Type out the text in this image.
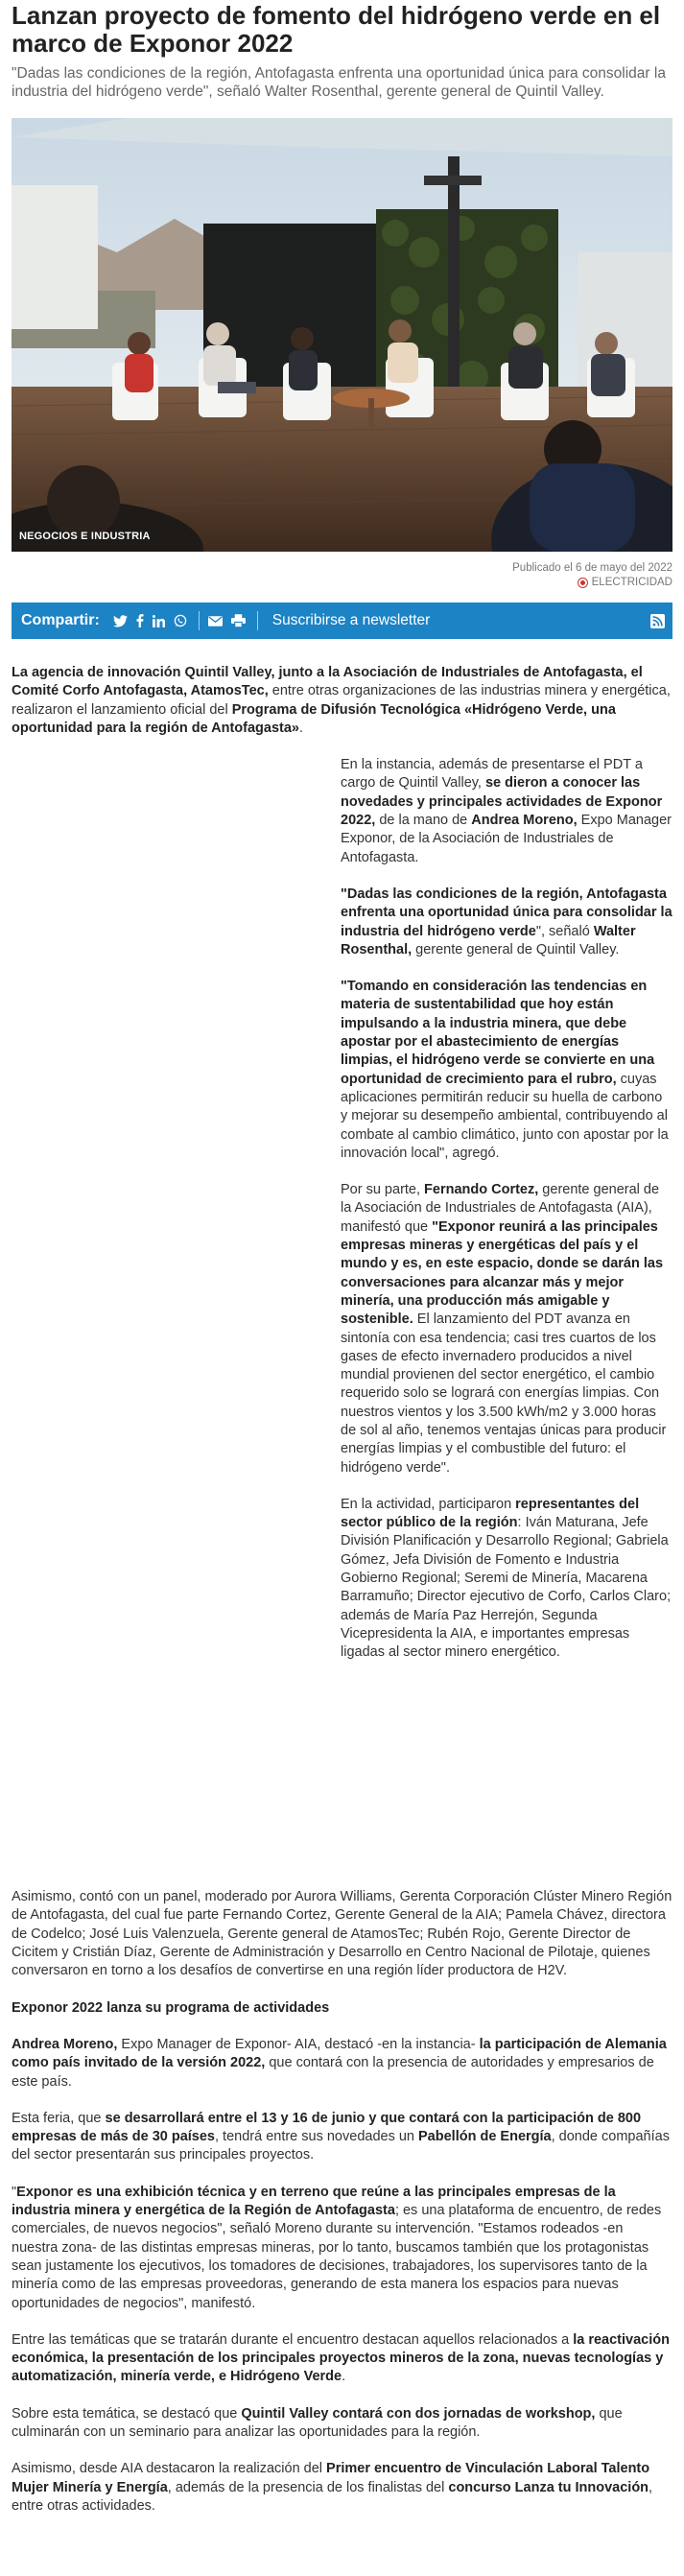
Lanzan proyecto de fomento del hidrógeno verde en el marco de Exponor 2022

"Dadas las condiciones de la región, Antofagasta enfrenta una oportunidad única para consolidar la industria del hidrógeno verde", señaló Walter Rosenthal, gerente general de Quintil Valley.

NEGOCIOS E INDUSTRIA
Publicado el 6 de mayo del 2022
ELECTRICIDAD
Compartir:	Suscribirse a newsletter

La agencia de innovación Quintil Valley, junto a la Asociación de Industriales de Antofagasta, el Comité Corfo Antofagasta, AtamosTec, entre otras organizaciones de las industrias minera y energética, realizaron el lanzamiento oficial del Programa de Difusión Tecnológica «Hidrógeno Verde, una oportunidad para la región de Antofagasta».

En la instancia, además de presentarse el PDT a cargo de Quintil Valley, se dieron a conocer las novedades y principales actividades de Exponor 2022, de la mano de Andrea Moreno, Expo Manager Exponor, de la Asociación de Industriales de Antofagasta.

"Dadas las condiciones de la región, Antofagasta enfrenta una oportunidad única para consolidar la industria del hidrógeno verde", señaló Walter Rosenthal, gerente general de Quintil Valley.

"Tomando en consideración las tendencias en materia de sustentabilidad que hoy están impulsando a la industria minera, que debe apostar por el abastecimiento de energías limpias, el hidrógeno verde se convierte en una oportunidad de crecimiento para el rubro, cuyas aplicaciones permitirán reducir su huella de carbono y mejorar su desempeño ambiental, contribuyendo al combate al cambio climático, junto con apostar por la innovación local", agregó.

Por su parte, Fernando Cortez, gerente general de la Asociación de Industriales de Antofagasta (AIA), manifestó que "Exponor reunirá a las principales empresas mineras y energéticas del país y el mundo y es, en este espacio, donde se darán las conversaciones para alcanzar más y mejor minería, una producción más amigable y sostenible. El lanzamiento del PDT avanza en sintonía con esa tendencia; casi tres cuartos de los gases de efecto invernadero producidos a nivel mundial provienen del sector energético, el cambio requerido solo se logrará con energías limpias. Con nuestros vientos y los 3.500 kWh/m2 y 3.000 horas de sol al año, tenemos ventajas únicas para producir energías limpias y el combustible del futuro: el hidrógeno verde".

En la actividad, participaron representantes del sector público de la región: Iván Maturana, Jefe División Planificación y Desarrollo Regional; Gabriela Gómez, Jefa División de Fomento e Industria Gobierno Regional; Seremi de Minería, Macarena Barramuño; Director ejecutivo de Corfo, Carlos Claro; además de María Paz Herrejón, Segunda Vicepresidenta la AIA, e importantes empresas ligadas al sector minero energético.

Asimismo, contó con un panel, moderado por Aurora Williams, Gerenta Corporación Clúster Minero Región de Antofagasta, del cual fue parte Fernando Cortez, Gerente General de la AIA; Pamela Chávez, directora de Codelco; José Luis Valenzuela, Gerente general de AtamosTec; Rubén Rojo, Gerente Director de Cicitem y Cristián Díaz, Gerente de Administración y Desarrollo en Centro Nacional de Pilotaje, quienes conversaron en torno a los desafíos de convertirse en una región líder productora de H2V.

Exponor 2022 lanza su programa de actividades

Andrea Moreno, Expo Manager de Exponor- AIA, destacó -en la instancia- la participación de Alemania como país invitado de la versión 2022, que contará con la presencia de autoridades y empresarios de este país.

Esta feria, que se desarrollará entre el 13 y 16 de junio y que contará con la participación de 800 empresas de más de 30 países, tendrá entre sus novedades un Pabellón de Energía, donde compañías del sector presentarán sus principales proyectos.

"Exponor es una exhibición técnica y en terreno que reúne a las principales empresas de la industria minera y energética de la Región de Antofagasta; es una plataforma de encuentro, de redes comerciales, de nuevos negocios", señaló Moreno durante su intervención. "Estamos rodeados -en nuestra zona- de las distintas empresas mineras, por lo tanto, buscamos también que los protagonistas sean justamente los ejecutivos, los tomadores de decisiones, trabajadores, los supervisores tanto de la minería como de las empresas proveedoras, generando de esta manera los espacios para nuevas oportunidades de negocios", manifestó.

Entre las temáticas que se tratarán durante el encuentro destacan aquellos relacionados a la reactivación económica, la presentación de los principales proyectos mineros de la zona, nuevas tecnologías y automatización, minería verde, e Hidrógeno Verde.

Sobre esta temática, se destacó que Quintil Valley contará con dos jornadas de workshop, que culminarán con un seminario para analizar las oportunidades para la región.

Asimismo, desde AIA destacaron la realización del Primer encuentro de Vinculación Laboral Talento Mujer Minería y Energía, además de la presencia de los finalistas del concurso Lanza tu Innovación, entre otras actividades.
